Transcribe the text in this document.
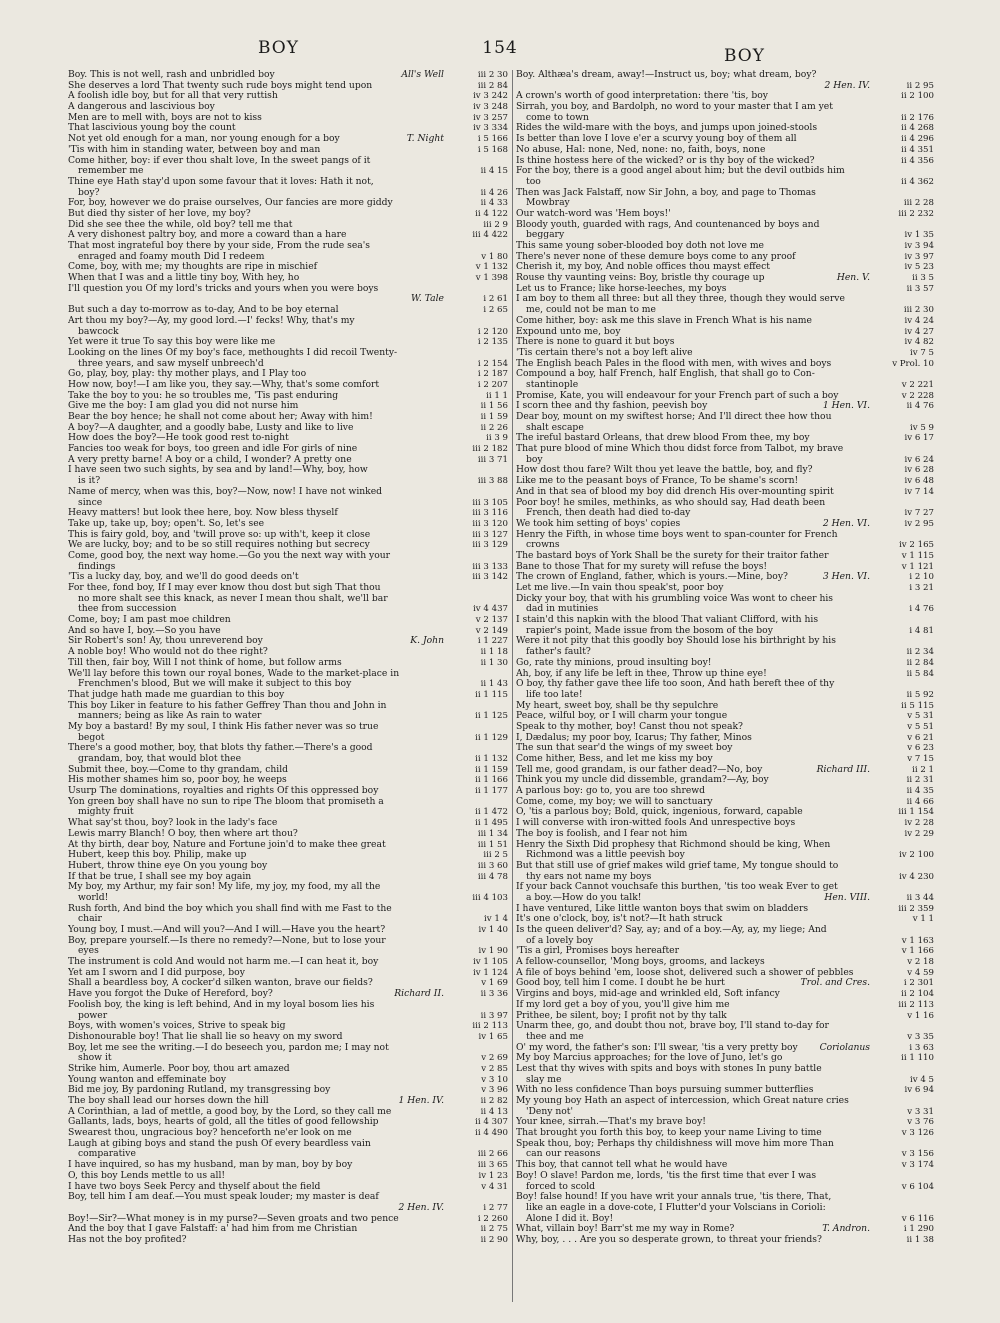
BOY	154	BOY
Boy. This is not well, rash and unbridled boy	All's Well	iii 2 30
She deserves a lord That twenty such rude boys might tend upon	iii 2 84
A foolish idle boy, but for all that very ruttish	iv 3 242
A dangerous and lascivious boy	iv 3 248
Men are to mell with, boys are not to kiss	iv 3 257
That lascivious young boy the count	iv 3 334
Not yet old enough for a man, nor young enough for a boy	T. Night	i 5 166
'Tis with him in standing water, between boy and man	i 5 168
Come hither, boy: if ever thou shalt love, In the sweet pangs of it
remember me	ii 4 15
Thine eye Hath stay'd upon some favour that it loves: Hath it not,
boy?	ii 4 26
For, boy, however we do praise ourselves, Our fancies are more giddy	ii 4 33
But died thy sister of her love, my boy?	ii 4 122
Did she see thee the while, old boy? tell me that	iii 2 9
A very dishonest paltry boy, and more a coward than a hare	iii 4 422
That most ingrateful boy there by your side, From the rude sea's
enraged and foamy mouth Did I redeem	v 1 80
Come, boy, with me; my thoughts are ripe in mischief	v 1 132
When that I was and a little tiny boy, With hey, ho	v 1 398
I'll question you Of my lord's tricks and yours when you were boys
W. Tale	i 2 61
But such a day to-morrow as to-day, And to be boy eternal	i 2 65
Art thou my boy?—Ay, my good lord.—I' fecks! Why, that's my
bawcock	i 2 120
Yet were it true To say this boy were like me	i 2 135
Looking on the lines Of my boy's face, methoughts I did recoil Twenty-
three years, and saw myself unbreech'd	i 2 154
Go, play, boy, play: thy mother plays, and I Play too	i 2 187
How now, boy!—I am like you, they say.—Why, that's some comfort	i 2 207
Take the boy to you: he so troubles me, 'Tis past enduring	ii 1 1
Give me the boy: I am glad you did not nurse him	ii 1 56
Bear the boy hence; he shall not come about her; Away with him!	ii 1 59
A boy?—A daughter, and a goodly babe, Lusty and like to live	ii 2 26
How does the boy?—He took good rest to-night	ii 3 9
Fancies too weak for boys, too green and idle For girls of nine	iii 2 182
A very pretty barne! A boy or a child, I wonder? A pretty one	iii 3 71
I have seen two such sights, by sea and by land!—Why, boy, how
is it?	iii 3 88
Name of mercy, when was this, boy?—Now, now! I have not winked
since	iii 3 105
Heavy matters! but look thee here, boy. Now bless thyself	iii 3 116
Take up, take up, boy; open't. So, let's see	iii 3 120
This is fairy gold, boy, and 'twill prove so: up with't, keep it close	iii 3 127
We are lucky, boy; and to be so still requires nothing but secrecy	iii 3 129
Come, good boy, the next way home.—Go you the next way with your
findings	iii 3 133
'Tis a lucky day, boy, and we'll do good deeds on't	iii 3 142
For thee, fond boy, If I may ever know thou dost but sigh That thou
no more shalt see this knack, as never I mean thou shalt, we'll bar
thee from succession	iv 4 437
Come, boy; I am past moe children	v 2 137
And so have I, boy.—So you have	v 2 149
Sir Robert's son! Ay, thou unreverend boy	K. John	i 1 227
A noble boy! Who would not do thee right?	ii 1 18
Till then, fair boy, Will I not think of home, but follow arms	ii 1 30
We'll lay before this town our royal bones, Wade to the market-place in
Frenchmen's blood, But we will make it subject to this boy	ii 1 43
That judge hath made me guardian to this boy	ii 1 115
This boy Liker in feature to his father Geffrey Than thou and John in
manners; being as like As rain to water	ii 1 125
My boy a bastard! By my soul, I think His father never was so true
begot	ii 1 129
There's a good mother, boy, that blots thy father.—There's a good
grandam, boy, that would blot thee	ii 1 132
Submit thee, boy.—Come to thy grandam, child	ii 1 159
His mother shames him so, poor boy, he weeps	ii 1 166
Usurp The dominations, royalties and rights Of this oppressed boy	ii 1 177
Yon green boy shall have no sun to ripe The bloom that promiseth a
mighty fruit	ii 1 472
What say'st thou, boy? look in the lady's face	ii 1 495
Lewis marry Blanch! O boy, then where art thou?	iii 1 34
At thy birth, dear boy, Nature and Fortune join'd to make thee great	iii 1 51
Hubert, keep this boy. Philip, make up	iii 2 5
Hubert, throw thine eye On you young boy	iii 3 60
If that be true, I shall see my boy again	iii 4 78
My boy, my Arthur, my fair son! My life, my joy, my food, my all the
world!	iii 4 103
Rush forth, And bind the boy which you shall find with me Fast to the
chair	iv 1 4
Young boy, I must.—And will you?—And I will.—Have you the heart?	iv 1 40
Boy, prepare yourself.—Is there no remedy?—None, but to lose your
eyes	iv 1 90
The instrument is cold And would not harm me.—I can heat it, boy	iv 1 105
Yet am I sworn and I did purpose, boy	iv 1 124
Shall a beardless boy, A cocker'd silken wanton, brave our fields?	v 1 69
Have you forgot the Duke of Hereford, boy?	Richard II.	ii 3 36
Foolish boy, the king is left behind, And in my loyal bosom lies his
power	ii 3 97
Boys, with women's voices, Strive to speak big	iii 2 113
Dishonourable boy! That lie shall lie so heavy on my sword	iv 1 65
Boy, let me see the writing.—I do beseech you, pardon me; I may not
show it	v 2 69
Strike him, Aumerle. Poor boy, thou art amazed	v 2 85
Young wanton and effeminate boy	v 3 10
Bid me joy, By pardoning Rutland, my transgressing boy	v 3 96
The boy shall lead our horses down the hill	1 Hen. IV.	ii 2 82
A Corinthian, a lad of mettle, a good boy, by the Lord, so they call me	ii 4 13
Gallants, lads, boys, hearts of gold, all the titles of good fellowship	ii 4 307
Swearest thou, ungracious boy? henceforth ne'er look on me	ii 4 490
Laugh at gibing boys and stand the push Of every beardless vain
comparative	iii 2 66
I have inquired, so has my husband, man by man, boy by boy	iii 3 65
O, this boy Lends mettle to us all!	iv 1 23
I have two boys Seek Percy and thyself about the field	v 4 31
Boy, tell him I am deaf.—You must speak louder; my master is deaf
2 Hen. IV.	i 2 77
Boy!—Sir?—What money is in my purse?—Seven groats and two pence	i 2 260
And the boy that I gave Falstaff: a' had him from me Christian	ii 2 75
Has not the boy profited?	ii 2 90
Boy. Althæa's dream, away!—Instruct us, boy; what dream, boy?
2 Hen. IV.	ii 2 95
A crown's worth of good interpretation: there 'tis, boy	ii 2 100
Sirrah, you boy, and Bardolph, no word to your master that I am yet
come to town	ii 2 176
Rides the wild-mare with the boys, and jumps upon joined-stools	ii 4 268
Is better than love I love e'er a scurvy young boy of them all	ii 4 296
No abuse, Hal: none, Ned, none: no, faith, boys, none	ii 4 351
Is thine hostess here of the wicked? or is thy boy of the wicked?	ii 4 356
For the boy, there is a good angel about him; but the devil outbids him
too	ii 4 362
Then was Jack Falstaff, now Sir John, a boy, and page to Thomas
Mowbray	iii 2 28
Our watch-word was 'Hem boys!'	iii 2 232
Bloody youth, guarded with rags, And countenanced by boys and
beggary	iv 1 35
This same young sober-blooded boy doth not love me	iv 3 94
There's never none of these demure boys come to any proof	iv 3 97
Cherish it, my boy, And noble offices thou mayst effect	iv 5 23
Rouse thy vaunting veins: Boy, bristle thy courage up	Hen. V.	ii 3 5
Let us to France; like horse-leeches, my boys	ii 3 57
I am boy to them all three: but all they three, though they would serve
me, could not be man to me	iii 2 30
Come hither, boy: ask me this slave in French What is his name	iv 4 24
Expound unto me, boy	iv 4 27
There is none to guard it but boys	iv 4 82
'Tis certain there's not a boy left alive	iv 7 5
The English beach Pales in the flood with men, with wives and boys	v Prol. 10
Compound a boy, half French, half English, that shall go to Con-
stantinople	v 2 221
Promise, Kate, you will endeavour for your French part of such a boy	v 2 228
I scorn thee and thy fashion, peevish boy	1 Hen. VI.	ii 4 76
Dear boy, mount on my swiftest horse; And I'll direct thee how thou
shalt escape	iv 5 9
The ireful bastard Orleans, that drew blood From thee, my boy	iv 6 17
That pure blood of mine Which thou didst force from Talbot, my brave
boy	iv 6 24
How dost thou fare? Wilt thou yet leave the battle, boy, and fly?	iv 6 28
Like me to the peasant boys of France, To be shame's scorn!	iv 6 48
And in that sea of blood my boy did drench His over-mounting spirit	iv 7 14
Poor boy! he smiles, methinks, as who should say, Had death been
French, then death had died to-day	iv 7 27
We took him setting of boys' copies	2 Hen. VI.	iv 2 95
Henry the Fifth, in whose time boys went to span-counter for French
crowns	iv 2 165
The bastard boys of York Shall be the surety for their traitor father	v 1 115
Bane to those That for my surety will refuse the boys!	v 1 121
The crown of England, father, which is yours.—Mine, boy?	3 Hen. VI.	i 2 10
Let me live.—In vain thou speak'st, poor boy	i 3 21
Dicky your boy, that with his grumbling voice Was wont to cheer his
dad in mutinies	i 4 76
I stain'd this napkin with the blood That valiant Clifford, with his
rapier's point, Made issue from the bosom of the boy	i 4 81
Were it not pity that this goodly boy Should lose his birthright by his
father's fault?	ii 2 34
Go, rate thy minions, proud insulting boy!	ii 2 84
Ah, boy, if any life be left in thee, Throw up thine eye!	ii 5 84
O boy, thy father gave thee life too soon, And hath bereft thee of thy
life too late!	ii 5 92
My heart, sweet boy, shall be thy sepulchre	ii 5 115
Peace, wilful boy, or I will charm your tongue	v 5 31
Speak to thy mother, boy! Canst thou not speak?	v 5 51
I, Dædalus; my poor boy, Icarus; Thy father, Minos	v 6 21
The sun that sear'd the wings of my sweet boy	v 6 23
Come hither, Bess, and let me kiss my boy	v 7 15
Tell me, good grandam, is our father dead?—No, boy	Richard III.	ii 2 1
Think you my uncle did dissemble, grandam?—Ay, boy	ii 2 31
A parlous boy: go to, you are too shrewd	ii 4 35
Come, come, my boy; we will to sanctuary	ii 4 66
O, 'tis a parlous boy; Bold, quick, ingenious, forward, capable	iii 1 154
I will converse with iron-witted fools And unrespective boys	iv 2 28
The boy is foolish, and I fear not him	iv 2 29
Henry the Sixth Did prophesy that Richmond should be king, When
Richmond was a little peevish boy	iv 2 100
But that still use of grief makes wild grief tame, My tongue should to
thy ears not name my boys	iv 4 230
If your back Cannot vouchsafe this burthen, 'tis too weak Ever to get
a boy.—How do you talk!	Hen. VIII.	ii 3 44
I have ventured, Like little wanton boys that swim on bladders	iii 2 359
It's one o'clock, boy, is't not?—It hath struck	v 1 1
Is the queen deliver'd? Say, ay; and of a boy.—Ay, ay, my liege; And
of a lovely boy	v 1 163
'Tis a girl, Promises boys hereafter	v 1 166
A fellow-counsellor, 'Mong boys, grooms, and lackeys	v 2 18
A file of boys behind 'em, loose shot, delivered such a shower of pebbles	v 4 59
Good boy, tell him I come. I doubt he be hurt	Trol. and Cres.	i 2 301
Virgins and boys, mid-age and wrinkled eld, Soft infancy	ii 2 104
If my lord get a boy of you, you'll give him me	iii 2 113
Prithee, be silent, boy; I profit not by thy talk	v 1 16
Unarm thee, go, and doubt thou not, brave boy, I'll stand to-day for
thee and me	v 3 35
O' my word, the father's son: I'll swear, 'tis a very pretty boy	Coriolanus	i 3 63
My boy Marcius approaches; for the love of Juno, let's go	ii 1 110
Lest that thy wives with spits and boys with stones In puny battle
slay me	iv 4 5
With no less confidence Than boys pursuing summer butterflies	iv 6 94
My young boy Hath an aspect of intercession, which Great nature cries
'Deny not'	v 3 31
Your knee, sirrah.—That's my brave boy!	v 3 76
That brought you forth this boy, to keep your name Living to time	v 3 126
Speak thou, boy; Perhaps thy childishness will move him more Than
can our reasons	v 3 156
This boy, that cannot tell what he would have	v 3 174
Boy! O slave! Pardon me, lords, 'tis the first time that ever I was
forced to scold	v 6 104
Boy! false hound! If you have writ your annals true, 'tis there, That,
like an eagle in a dove-cote, I Flutter'd your Volscians in Corioli:
Alone I did it. Boy!	v 6 116
What, villain boy! Barr'st me my way in Rome?	T. Andron.	i 1 290
Why, boy, . . . Are you so desperate grown, to threat your friends?	ii 1 38
